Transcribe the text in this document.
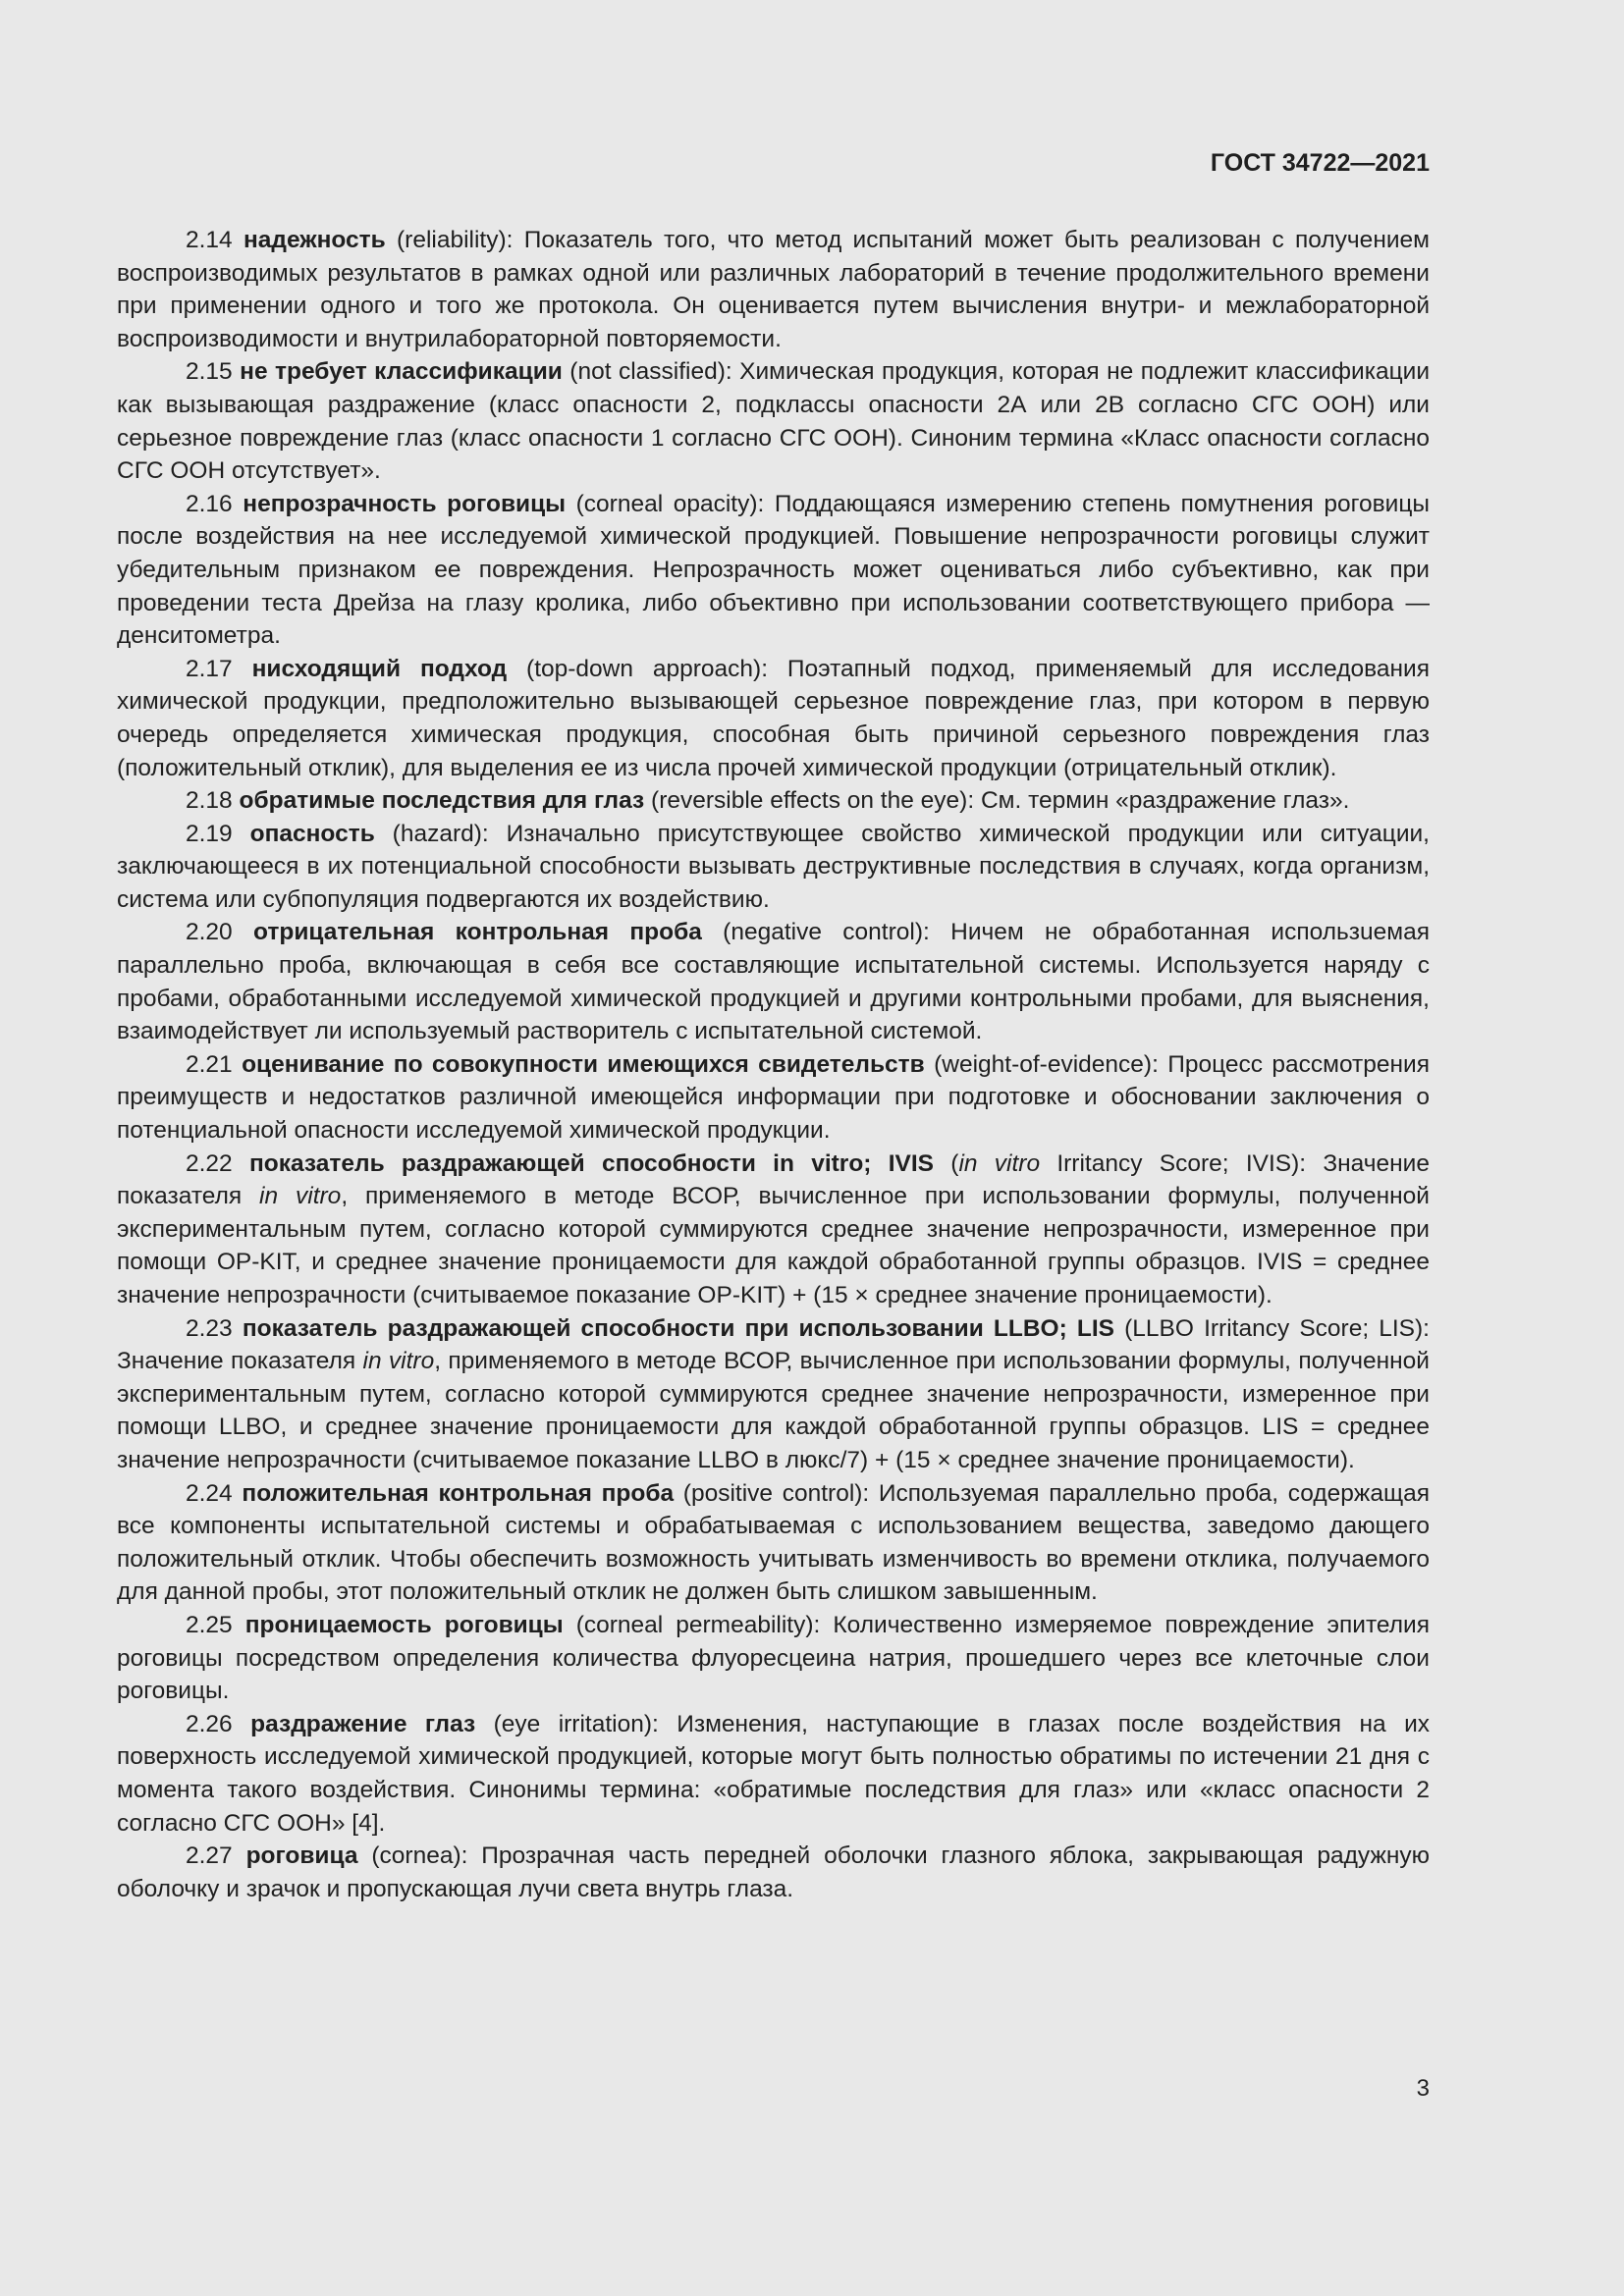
ГОСТ 34722—2021

2.14 надежность (reliability): Показатель того, что метод испытаний может быть реализован с получением воспроизводимых результатов в рамках одной или различных лабораторий в течение продолжительного времени при применении одного и того же протокола. Он оценивается путем вычисления внутри- и межлабораторной воспроизводимости и внутрилабораторной повторяемости.

2.15 не требует классификации (not classified): Химическая продукция, которая не подлежит классификации как вызывающая раздражение (класс опасности 2, подклассы опасности 2А или 2В согласно СГС ООН) или серьезное повреждение глаз (класс опасности 1 согласно СГС ООН). Синоним термина «Класс опасности согласно СГС ООН отсутствует».

2.16 непрозрачность роговицы (corneal opacity): Поддающаяся измерению степень помутнения роговицы после воздействия на нее исследуемой химической продукцией. Повышение непрозрачности роговицы служит убедительным признаком ее повреждения. Непрозрачность может оцениваться либо субъективно, как при проведении теста Дрейза на глазу кролика, либо объективно при использовании соответствующего прибора — денситометра.

2.17 нисходящий подход (top-down approach): Поэтапный подход, применяемый для исследования химической продукции, предположительно вызывающей серьезное повреждение глаз, при котором в первую очередь определяется химическая продукция, способная быть причиной серьезного повреждения глаз (положительный отклик), для выделения ее из числа прочей химической продукции (отрицательный отклик).

2.18 обратимые последствия для глаз (reversible effects on the eye): См. термин «раздражение глаз».

2.19 опасность (hazard): Изначально присутствующее свойство химической продукции или ситуации, заключающееся в их потенциальной способности вызывать деструктивные последствия в случаях, когда организм, система или субпопуляция подвергаются их воздействию.

2.20 отрицательная контрольная проба (negative control): Ничем не обработанная использueмая параллельно проба, включающая в себя все составляющие испытательной системы. Используется наряду с пробами, обработанными исследуемой химической продукцией и другими контрольными пробами, для выяснения, взаимодействует ли используемый растворитель с испытательной системой.

2.21 оценивание по совокупности имеющихся свидетельств (weight-of-evidence): Процесс рассмотрения преимуществ и недостатков различной имеющейся информации при подготовке и обосновании заключения о потенциальной опасности исследуемой химической продукции.

2.22 показатель раздражающей способности in vitro; IVIS (in vitro Irritancy Score; IVIS): Значение показателя in vitro, применяемого в методе ВСОР, вычисленное при использовании формулы, полученной экспериментальным путем, согласно которой суммируются среднее значение непрозрачности, измеренное при помощи OP-KIT, и среднее значение проницаемости для каждой обработанной группы образцов. IVIS = среднее значение непрозрачности (считываемое показание OP-KIT) + (15 × среднее значение проницаемости).

2.23 показатель раздражающей способности при использовании LLBO; LIS (LLBO Irritancy Score; LIS): Значение показателя in vitro, применяемого в методе ВСОР, вычисленное при использовании формулы, полученной экспериментальным путем, согласно которой суммируются среднее значение непрозрачности, измеренное при помощи LLBO, и среднее значение проницаемости для каждой обработанной группы образцов. LIS = среднее значение непрозрачности (считываемое показание LLBO в люкс/7) + (15 × среднее значение проницаемости).

2.24 положительная контрольная проба (positive control): Используемая параллельно проба, содержащая все компоненты испытательной системы и обрабатываемая с использованием вещества, заведомо дающего положительный отклик. Чтобы обеспечить возможность учитывать изменчивость во времени отклика, получаемого для данной пробы, этот положительный отклик не должен быть слишком завышенным.

2.25 проницаемость роговицы (corneal permeability): Количественно измеряемое повреждение эпителия роговицы посредством определения количества флуоресцеина натрия, прошедшего через все клеточные слои роговицы.

2.26 раздражение глаз (eye irritation): Изменения, наступающие в глазах после воздействия на их поверхность исследуемой химической продукцией, которые могут быть полностью обратимы по истечении 21 дня с момента такого воздействия. Синонимы термина: «обратимые последствия для глаз» или «класс опасности 2 согласно СГС ООН» [4].

2.27 роговица (cornea): Прозрачная часть передней оболочки глазного яблока, закрывающая радужную оболочку и зрачок и пропускающая лучи света внутрь глаза.

3
